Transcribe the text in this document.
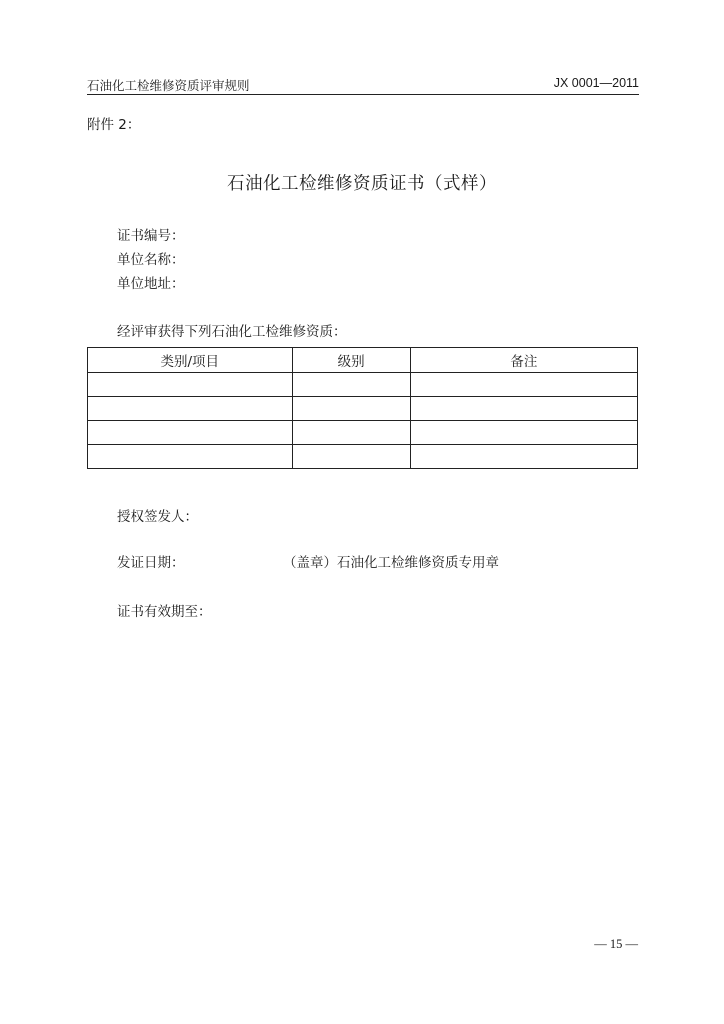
石油化工检维修资质评审规则	JX 0001—2011
附件 2：
石油化工检维修资质证书（式样）
证书编号：
单位名称：
单位地址：
经评审获得下列石油化工检维修资质：
类别/项目	级别	备注

授权签发人：
发证日期：	（盖章）石油化工检维修资质专用章
证书有效期至：
— 15 —
